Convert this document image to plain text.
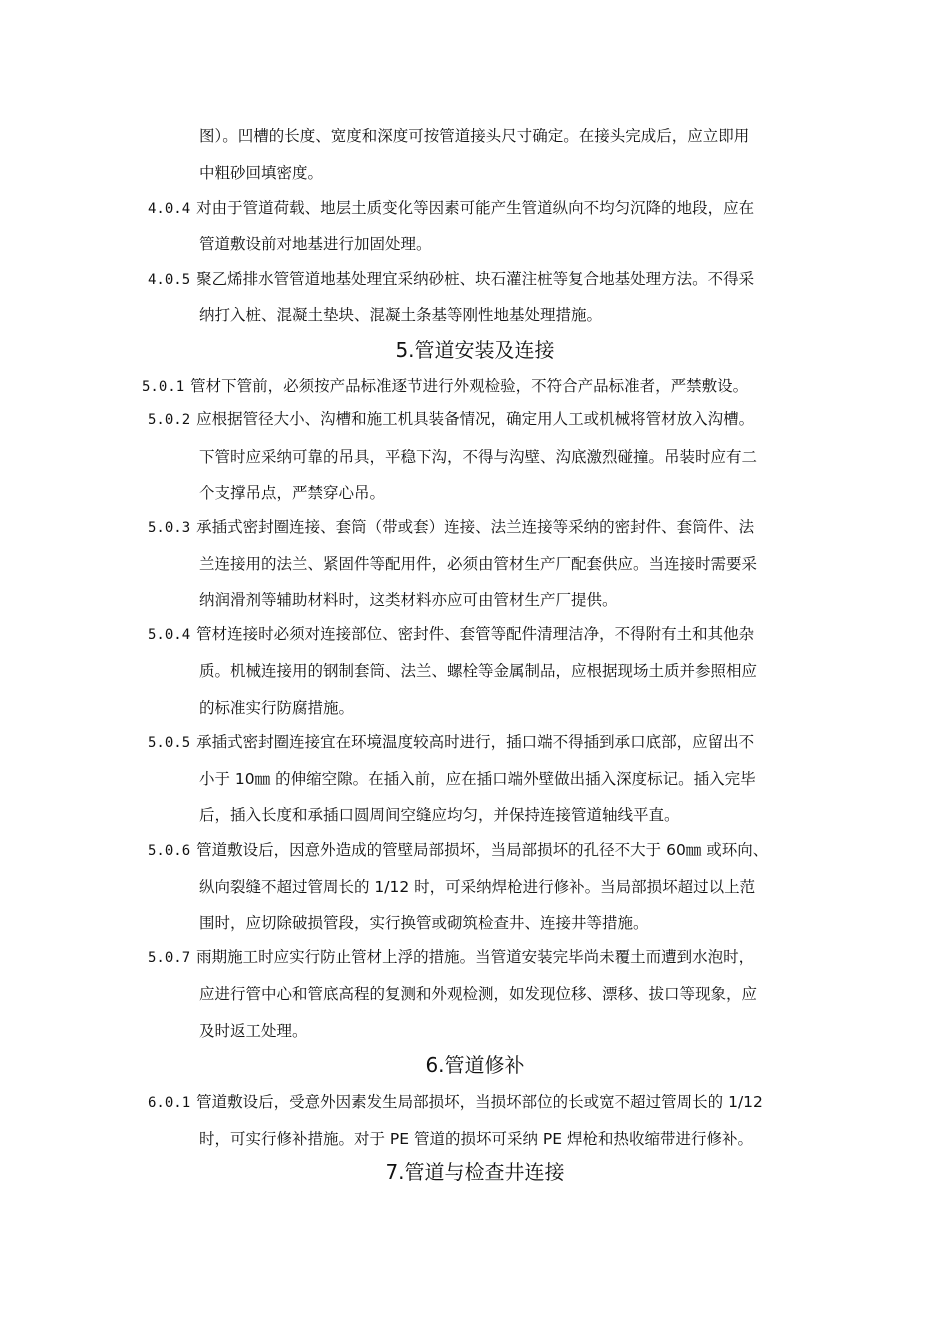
图）。凹槽的长度、宽度和深度可按管道接头尺寸确定。在接头完成后，应立即用
中粗砂回填密度。
4.0.4 对由于管道荷载、地层土质变化等因素可能产生管道纵向不均匀沉降的地段，应在
管道敷设前对地基进行加固处理。
4.0.5 聚乙烯排水管管道地基处理宜采纳砂桩、块石灌注桩等复合地基处理方法。不得采
纳打入桩、混凝土垫块、混凝土条基等刚性地基处理措施。
5.管道安装及连接
5.0.1 管材下管前，必须按产品标准逐节进行外观检验，不符合产品标准者，严禁敷设。
5.0.2 应根据管径大小、沟槽和施工机具装备情况，确定用人工或机械将管材放入沟槽。
下管时应采纳可靠的吊具，平稳下沟，不得与沟壁、沟底激烈碰撞。吊装时应有二
个支撑吊点，严禁穿心吊。
5.0.3 承插式密封圈连接、套筒（带或套）连接、法兰连接等采纳的密封件、套筒件、法
兰连接用的法兰、紧固件等配用件，必须由管材生产厂配套供应。当连接时需要采
纳润滑剂等辅助材料时，这类材料亦应可由管材生产厂提供。
5.0.4 管材连接时必须对连接部位、密封件、套管等配件清理洁净，不得附有土和其他杂
质。机械连接用的钢制套筒、法兰、螺栓等金属制品，应根据现场土质并参照相应
的标准实行防腐措施。
5.0.5 承插式密封圈连接宜在环境温度较高时进行，插口端不得插到承口底部，应留出不
小于 10㎜ 的伸缩空隙。在插入前，应在插口端外壁做出插入深度标记。插入完毕
后，插入长度和承插口圆周间空缝应均匀，并保持连接管道轴线平直。
5.0.6 管道敷设后，因意外造成的管壁局部损坏，当局部损坏的孔径不大于 60㎜ 或环向、
纵向裂缝不超过管周长的 1/12 时，可采纳焊枪进行修补。当局部损坏超过以上范
围时，应切除破损管段，实行换管或砌筑检查井、连接井等措施。
5.0.7 雨期施工时应实行防止管材上浮的措施。当管道安装完毕尚未覆土而遭到水泡时，
应进行管中心和管底高程的复测和外观检测，如发现位移、漂移、拔口等现象，应
及时返工处理。
6.管道修补
6.0.1 管道敷设后，受意外因素发生局部损坏，当损坏部位的长或宽不超过管周长的 1/12
时，可实行修补措施。对于 PE 管道的损坏可采纳 PE 焊枪和热收缩带进行修补。
7.管道与检查井连接
